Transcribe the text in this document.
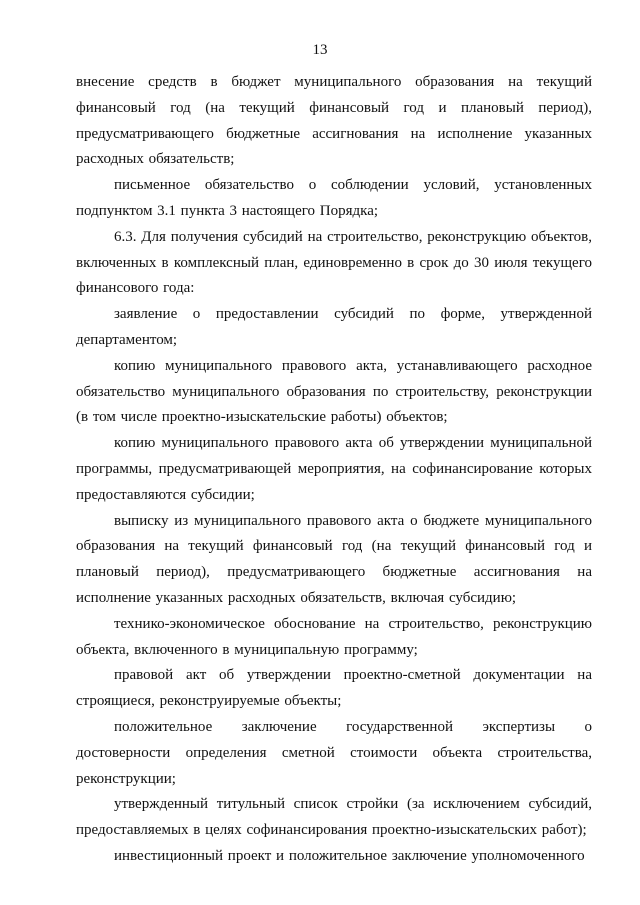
13

внесение средств в бюджет муниципального образования на текущий финансовый год (на текущий финансовый год и плановый период), предусматривающего бюджетные ассигнования на исполнение указанных расходных обязательств;

письменное обязательство о соблюдении условий, установленных подпунктом 3.1 пункта 3 настоящего Порядка;

6.3. Для получения субсидий на строительство, реконструкцию объектов, включенных в комплексный план, единовременно в срок до 30 июля текущего финансового года:

заявление о предоставлении субсидий по форме, утвержденной департаментом;

копию муниципального правового акта, устанавливающего расходное обязательство муниципального образования по строительству, реконструкции (в том числе проектно-изыскательские работы) объектов;

копию муниципального правового акта об утверждении муниципальной программы, предусматривающей мероприятия, на софинансирование которых предоставляются субсидии;

выписку из муниципального правового акта о бюджете муниципального образования на текущий финансовый год (на текущий финансовый год и плановый период), предусматривающего бюджетные ассигнования на исполнение указанных расходных обязательств, включая субсидию;

технико-экономическое обоснование на строительство, реконструкцию объекта, включенного в муниципальную программу;

правовой акт об утверждении проектно-сметной документации на строящиеся, реконструируемые объекты;

положительное заключение государственной экспертизы о достоверности определения сметной стоимости объекта строительства, реконструкции;

утвержденный титульный список стройки (за исключением субсидий, предоставляемых в целях софинансирования проектно-изыскательских работ);

инвестиционный проект и положительное заключение уполномоченного
